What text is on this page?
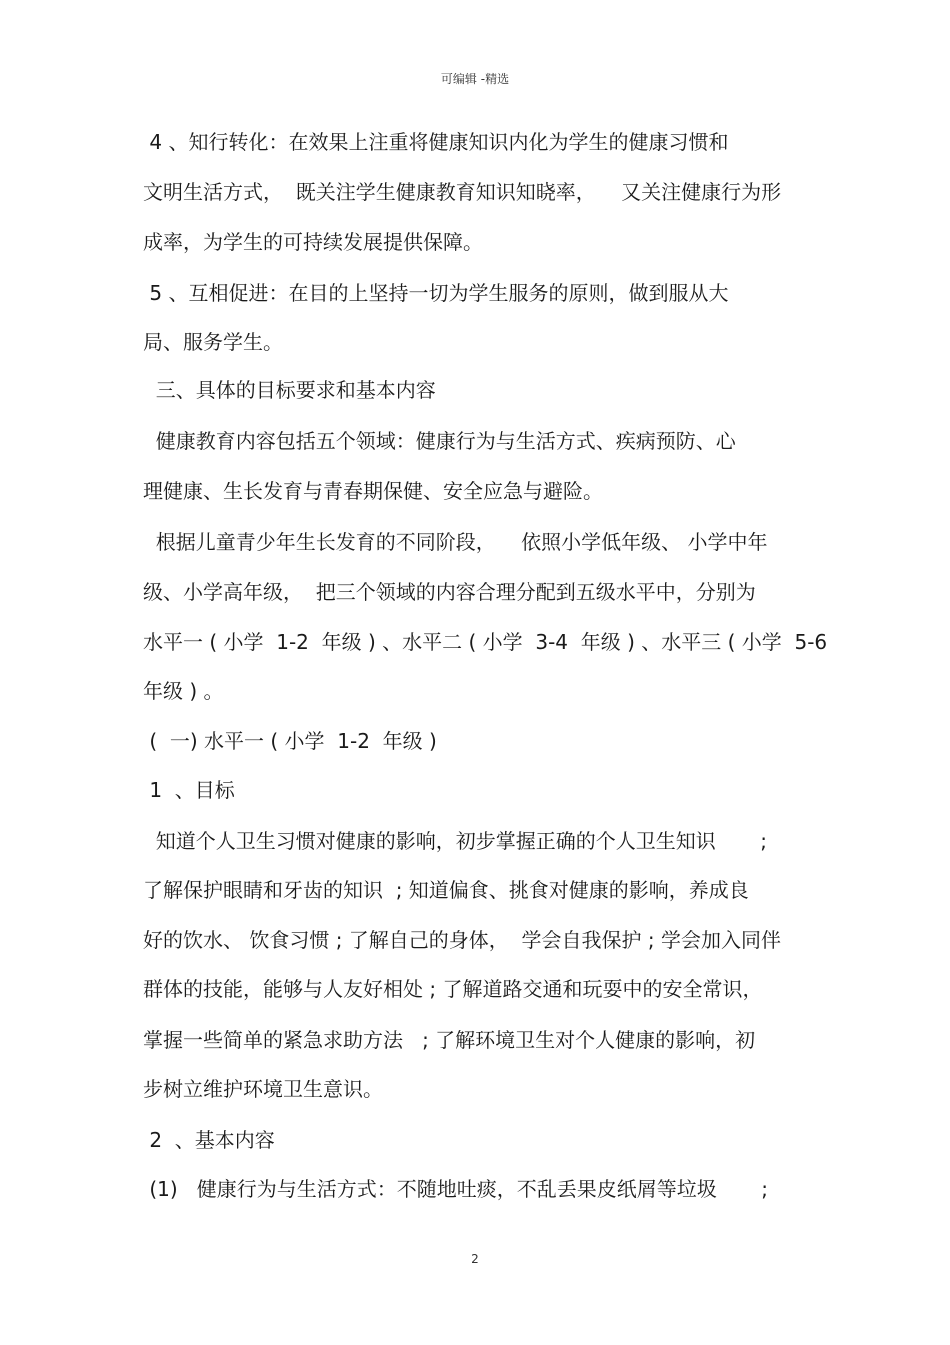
可编辑 -精选
4 、知行转化：在效果上注重将健康知识内化为学生的健康习惯和
文明生活方式，  既关注学生健康教育知识知晓率，    又关注健康行为形
成率，为学生的可持续发展提供保障。
5 、互相促进：在目的上坚持一切为学生服务的原则，做到服从大
局、服务学生。
三、具体的目标要求和基本内容
健康教育内容包括五个领域：健康行为与生活方式、疾病预防、心
理健康、生长发育与青春期保健、安全应急与避险。
根据儿童青少年生长发育的不同阶段，    依照小学低年级、 小学中年
级、小学高年级，  把三个领域的内容合理分配到五级水平中，分别为
水平一 ( 小学  1-2  年级 ) 、水平二 ( 小学  3-4  年级 ) 、水平三 ( 小学  5-6
年级 ) 。
(  一) 水平一 ( 小学  1-2  年级 )
1  、目标
知道个人卫生习惯对健康的影响，初步掌握正确的个人卫生知识       ;
了解保护眼睛和牙齿的知识  ; 知道偏食、挑食对健康的影响，养成良
好的饮水、 饮食习惯 ; 了解自己的身体，  学会自我保护 ; 学会加入同伴
群体的技能，能够与人友好相处 ; 了解道路交通和玩耍中的安全常识，
掌握一些简单的紧急求助方法   ; 了解环境卫生对个人健康的影响，初
步树立维护环境卫生意识。
2  、基本内容
(1)   健康行为与生活方式：不随地吐痰，不乱丢果皮纸屑等垃圾       ;
2
